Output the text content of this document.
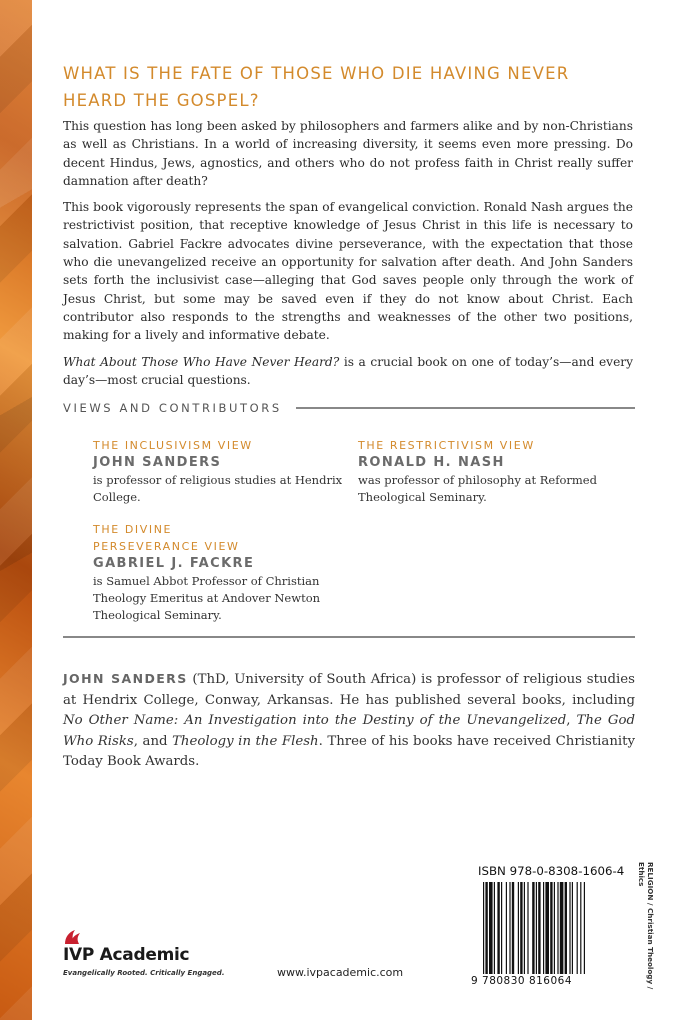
WHAT IS THE FATE OF THOSE WHO DIE HAVING NEVER HEARD THE GOSPEL?

This question has long been asked by philosophers and farmers alike and by non-Christians as well as Christians. In a world of increasing diversity, it seems even more pressing. Do decent Hindus, Jews, agnostics, and others who do not profess faith in Christ really suffer damnation after death?

This book vigorously represents the span of evangelical conviction. Ronald Nash argues the restrictivist position, that receptive knowledge of Jesus Christ in this life is necessary to salvation. Gabriel Fackre advocates divine perseverance, with the expectation that those who die unevangelized receive an opportunity for salvation after death. And John Sanders sets forth the inclusivist case—alleging that God saves people only through the work of Jesus Christ, but some may be saved even if they do not know about Christ. Each contributor also responds to the strengths and weaknesses of the other two positions, making for a lively and informative debate.

What About Those Who Have Never Heard? is a crucial book on one of today’s—and every day’s—most crucial questions.

VIEWS AND CONTRIBUTORS
THE INCLUSIVISM VIEW
JOHN SANDERS
is professor of religious studies at Hendrix College.
THE RESTRICTIVISM VIEW
RONALD H. NASH
was professor of philosophy at Reformed Theological Seminary.
THE DIVINE
PERSEVERANCE VIEW
GABRIEL J. FACKRE
is Samuel Abbot Professor of Christian Theology Emeritus at Andover Newton Theological Seminary.
JOHN SANDERS (ThD, University of South Africa) is professor of religious studies at Hendrix College, Conway, Arkansas. He has published several books, including No Other Name: An Investigation into the Destiny of the Unevangelized, The God Who Risks, and Theology in the Flesh. Three of his books have received Christianity Today Book Awards.
IVP Academic
Evangelically Rooted. Critically Engaged.	www.ivpacademic.com
ISBN 978-0-8308-1606-4
9 780830 816064	RELIGION / Christian Theology / Ethics
